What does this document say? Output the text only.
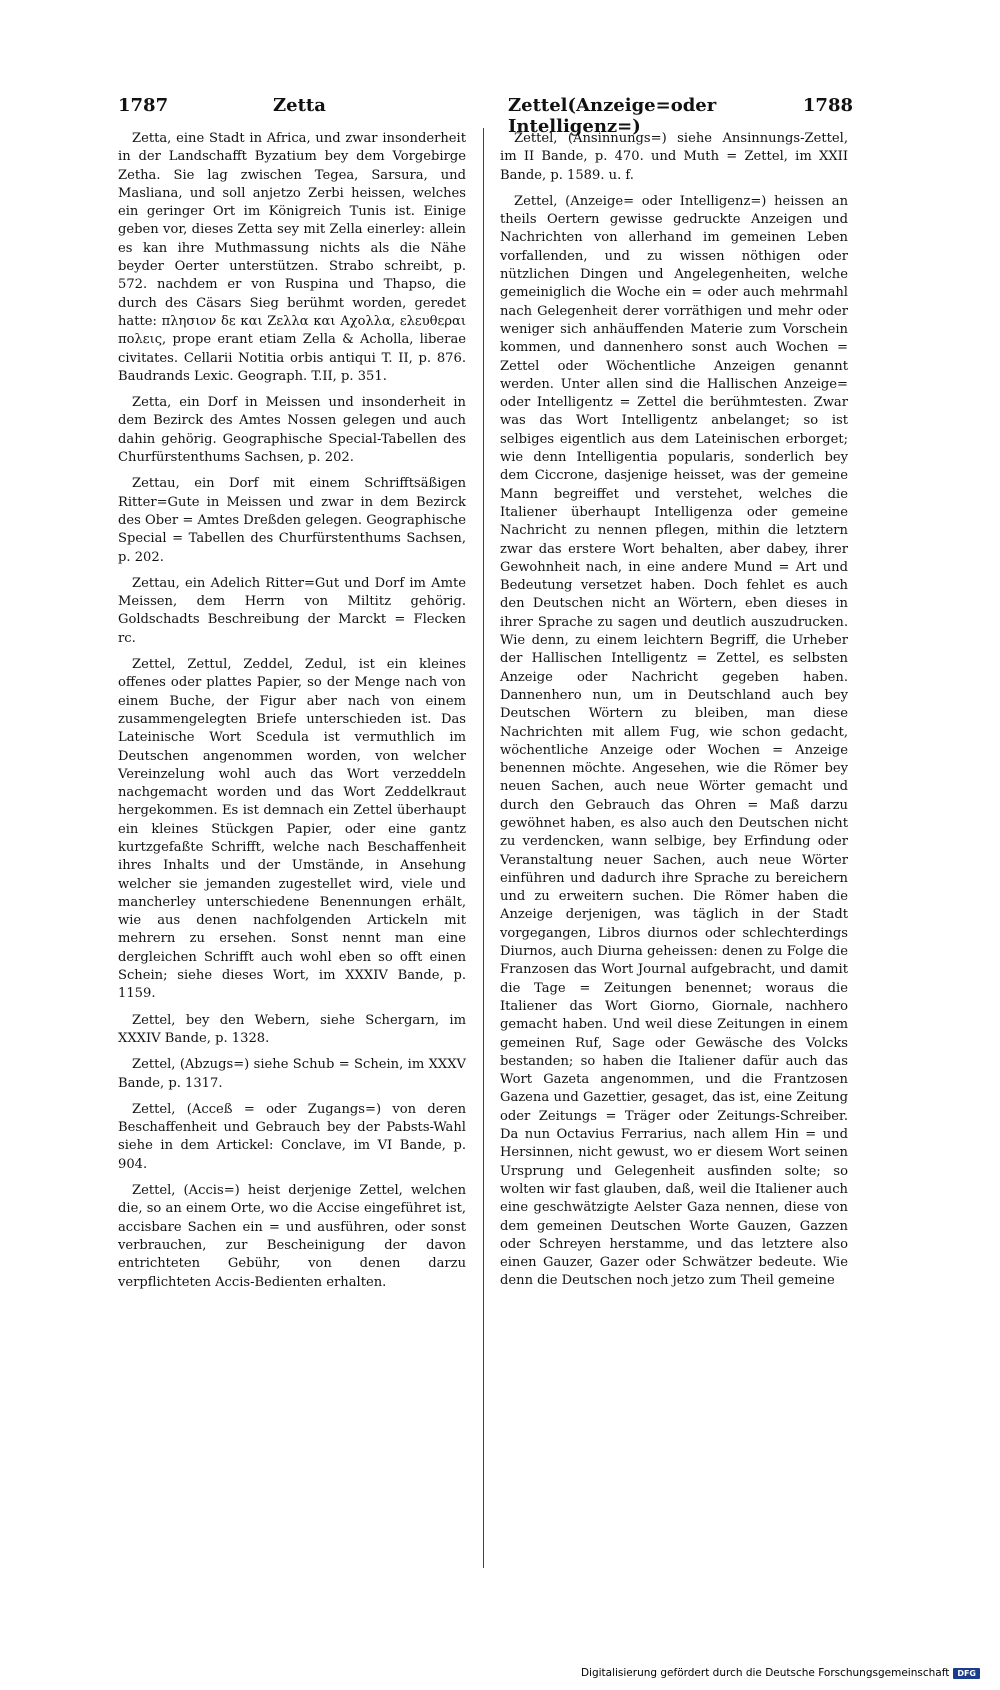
1787	Zetta	Zettel(Anzeige=oder Intelligenz=)
1788

Zetta, eine Stadt in Africa, und zwar insonderheit in der Landschafft Byzatium bey dem Vorgebirge Zetha. Sie lag zwischen Tegea, Sarsura, und Masliana, und soll anjetzo Zerbi heissen, welches ein geringer Ort im Königreich Tunis ist. Einige geben vor, dieses Zetta sey mit Zella einerley: allein es kan ihre Muthmassung nichts als die Nähe beyder Oerter unterstützen. Strabo schreibt, p. 572. nachdem er von Ruspina und Thapso, die durch des Cäsars Sieg berühmt worden, geredet hatte: πλησιον δε και Ζελλα και Αχολλα, ελευθεραι πολεις, prope erant etiam Zella & Acholla, liberae civitates. Cellarii Notitia orbis antiqui T. II, p. 876. Baudrands Lexic. Geograph. T.II, p. 351.

Zetta, ein Dorf in Meissen und insonderheit in dem Bezirck des Amtes Nossen gelegen und auch dahin gehörig. Geographische Special-Tabellen des Churfürstenthums Sachsen, p. 202.

Zettau, ein Dorf mit einem Schrifftsäßigen Ritter=Gute in Meissen und zwar in dem Bezirck des Ober = Amtes Dreßden gelegen. Geographische Special = Tabellen des Churfürstenthums Sachsen, p. 202.

Zettau, ein Adelich Ritter=Gut und Dorf im Amte Meissen, dem Herrn von Miltitz gehörig. Goldschadts Beschreibung der Marckt = Flecken rc.

Zettel, Zettul, Zeddel, Zedul, ist ein kleines offenes oder plattes Papier, so der Menge nach von einem Buche, der Figur aber nach von einem zusammengelegten Briefe unterschieden ist. Das Lateinische Wort Scedula ist vermuthlich im Deutschen angenommen worden, von welcher Vereinzelung wohl auch das Wort verzeddeln nachgemacht worden und das Wort Zeddelkraut hergekommen. Es ist demnach ein Zettel überhaupt ein kleines Stückgen Papier, oder eine gantz kurtzgefaßte Schrifft, welche nach Beschaffenheit ihres Inhalts und der Umstände, in Ansehung welcher sie jemanden zugestellet wird, viele und mancherley unterschiedene Benennungen erhält, wie aus denen nachfolgenden Artickeln mit mehrern zu ersehen. Sonst nennt man eine dergleichen Schrifft auch wohl eben so offt einen Schein; siehe dieses Wort, im XXXIV Bande, p. 1159.

Zettel, bey den Webern, siehe Schergarn, im XXXIV Bande, p. 1328.

Zettel, (Abzugs=) siehe Schub = Schein, im XXXV Bande, p. 1317.

Zettel, (Acceß = oder Zugangs=) von deren Beschaffenheit und Gebrauch bey der Pabsts-Wahl siehe in dem Artickel: Conclave, im VI Bande, p. 904.

Zettel, (Accis=) heist derjenige Zettel, welchen die, so an einem Orte, wo die Accise eingeführet ist, accisbare Sachen ein = und ausführen, oder sonst verbrauchen, zur Bescheinigung der davon entrichteten Gebühr, von denen darzu verpflichteten Accis-Bedienten erhalten.

Zettel, (Ansinnungs=) siehe Ansinnungs-Zettel, im II Bande, p. 470. und Muth = Zettel, im XXII Bande, p. 1589. u. f.

Zettel, (Anzeige= oder Intelligenz=) heissen an theils Oertern gewisse gedruckte Anzeigen und Nachrichten von allerhand im gemeinen Leben vorfallenden, und zu wissen nöthigen oder nützlichen Dingen und Angelegenheiten, welche gemeiniglich die Woche ein = oder auch mehrmahl nach Gelegenheit derer vorräthigen und mehr oder weniger sich anhäuffenden Materie zum Vorschein kommen, und dannenhero sonst auch Wochen = Zettel oder Wöchentliche Anzeigen genannt werden. Unter allen sind die Hallischen Anzeige= oder Intelligentz = Zettel die berühmtesten. Zwar was das Wort Intelligentz anbelanget; so ist selbiges eigentlich aus dem Lateinischen erborget; wie denn Intelligentia popularis, sonderlich bey dem Ciccrone, dasjenige heisset, was der gemeine Mann begreiffet und verstehet, welches die Italiener überhaupt Intelligenza oder gemeine Nachricht zu nennen pflegen, mithin die letztern zwar das erstere Wort behalten, aber dabey, ihrer Gewohnheit nach, in eine andere Mund = Art und Bedeutung versetzet haben. Doch fehlet es auch den Deutschen nicht an Wörtern, eben dieses in ihrer Sprache zu sagen und deutlich auszudrucken. Wie denn, zu einem leichtern Begriff, die Urheber der Hallischen Intelligentz = Zettel, es selbsten Anzeige oder Nachricht gegeben haben. Dannenhero nun, um in Deutschland auch bey Deutschen Wörtern zu bleiben, man diese Nachrichten mit allem Fug, wie schon gedacht, wöchentliche Anzeige oder Wochen = Anzeige benennen möchte. Angesehen, wie die Römer bey neuen Sachen, auch neue Wörter gemacht und durch den Gebrauch das Ohren = Maß darzu gewöhnet haben, es also auch den Deutschen nicht zu verdencken, wann selbige, bey Erfindung oder Veranstaltung neuer Sachen, auch neue Wörter einführen und dadurch ihre Sprache zu bereichern und zu erweitern suchen. Die Römer haben die Anzeige derjenigen, was täglich in der Stadt vorgegangen, Libros diurnos oder schlechterdings Diurnos, auch Diurna geheissen: denen zu Folge die Franzosen das Wort Journal aufgebracht, und damit die Tage = Zeitungen benennet; woraus die Italiener das Wort Giorno, Giornale, nachhero gemacht haben. Und weil diese Zeitungen in einem gemeinen Ruf, Sage oder Gewäsche des Volcks bestanden; so haben die Italiener dafür auch das Wort Gazeta angenommen, und die Frantzosen Gazena und Gazettier, gesaget, das ist, eine Zeitung oder Zeitungs = Träger oder Zeitungs-Schreiber. Da nun Octavius Ferrarius, nach allem Hin = und Hersinnen, nicht gewust, wo er diesem Wort seinen Ursprung und Gelegenheit ausfinden solte; so wolten wir fast glauben, daß, weil die Italiener auch eine geschwätzigte Aelster Gaza nennen, diese von dem gemeinen Deutschen Worte Gauzen, Gazzen oder Schreyen herstamme, und das letztere also einen Gauzer, Gazer oder Schwätzer bedeute. Wie denn die Deutschen noch jetzo zum Theil gemeine

Digitalisierung gefördert durch die Deutsche Forschungsgemeinschaft	DFG
